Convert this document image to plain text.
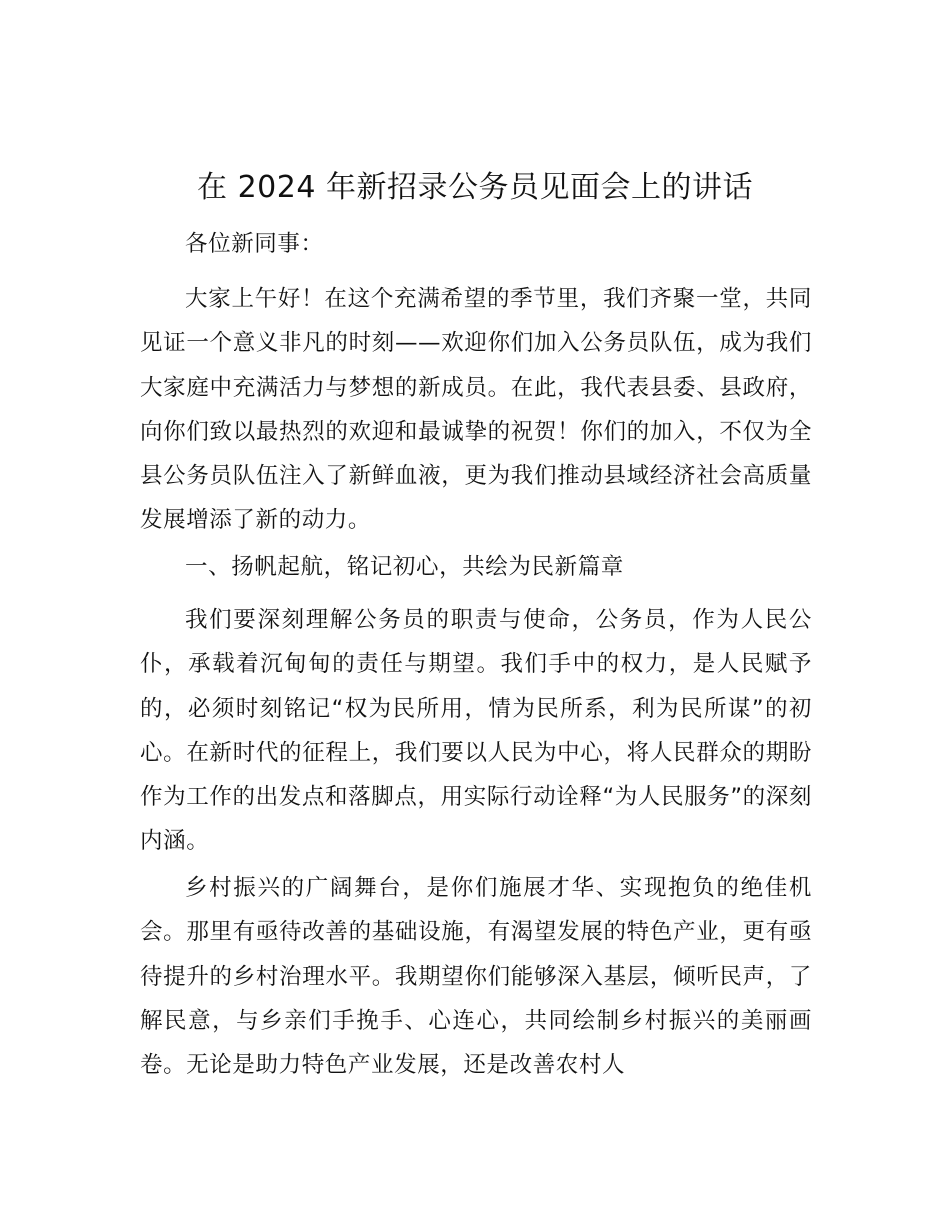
在 2024 年新招录公务员见面会上的讲话

各位新同事：

大家上午好！在这个充满希望的季节里，我们齐聚一堂，共同见证一个意义非凡的时刻——欢迎你们加入公务员队伍，成为我们大家庭中充满活力与梦想的新成员。在此，我代表县委、县政府，向你们致以最热烈的欢迎和最诚挚的祝贺！你们的加入，不仅为全县公务员队伍注入了新鲜血液，更为我们推动县域经济社会高质量发展增添了新的动力。

一、扬帆起航，铭记初心，共绘为民新篇章

我们要深刻理解公务员的职责与使命，公务员，作为人民公仆，承载着沉甸甸的责任与期望。我们手中的权力，是人民赋予的，必须时刻铭记“权为民所用，情为民所系，利为民所谋”的初心。在新时代的征程上，我们要以人民为中心，将人民群众的期盼作为工作的出发点和落脚点，用实际行动诠释“为人民服务”的深刻内涵。

乡村振兴的广阔舞台，是你们施展才华、实现抱负的绝佳机会。那里有亟待改善的基础设施，有渴望发展的特色产业，更有亟待提升的乡村治理水平。我期望你们能够深入基层，倾听民声，了解民意，与乡亲们手挽手、心连心，共同绘制乡村振兴的美丽画卷。无论是助力特色产业发展，还是改善农村人
